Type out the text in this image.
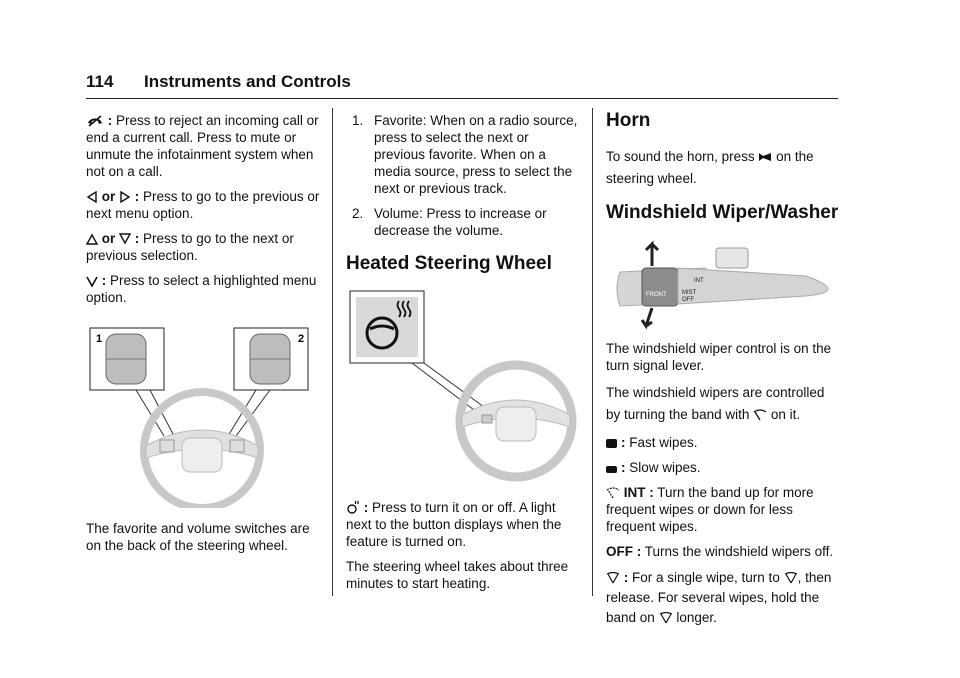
114 Instruments and Controls

: Press to reject an incoming call or end a current call. Press to mute or unmute the infotainment system when not on a call.

or  : Press to go to the previous or next menu option.

or  : Press to go to the next or previous selection.

: Press to select a highlighted menu option.

1	2

The favorite and volume switches are on the back of the steering wheel.

1. Favorite: When on a radio source, press to select the next or previous favorite. When on a media source, press to select the next or previous track.
2. Volume: Press to increase or decrease the volume.
Heated Steering Wheel

: Press to turn it on or off. A light next to the button displays when the feature is turned on.

The steering wheel takes about three minutes to start heating.

Horn

To sound the horn, press on the steering wheel.

Windshield Wiper/Washer
MIST
OFF
INT
FRONT

The windshield wiper control is on the turn signal lever.

The windshield wipers are controlled by turning the band with on it.

: Fast wipes.

: Slow wipes.

INT : Turn the band up for more frequent wipes or down for less frequent wipes.

OFF : Turns the windshield wipers off.

: For a single wipe, turn to , then release. For several wipes, hold the band on longer.
